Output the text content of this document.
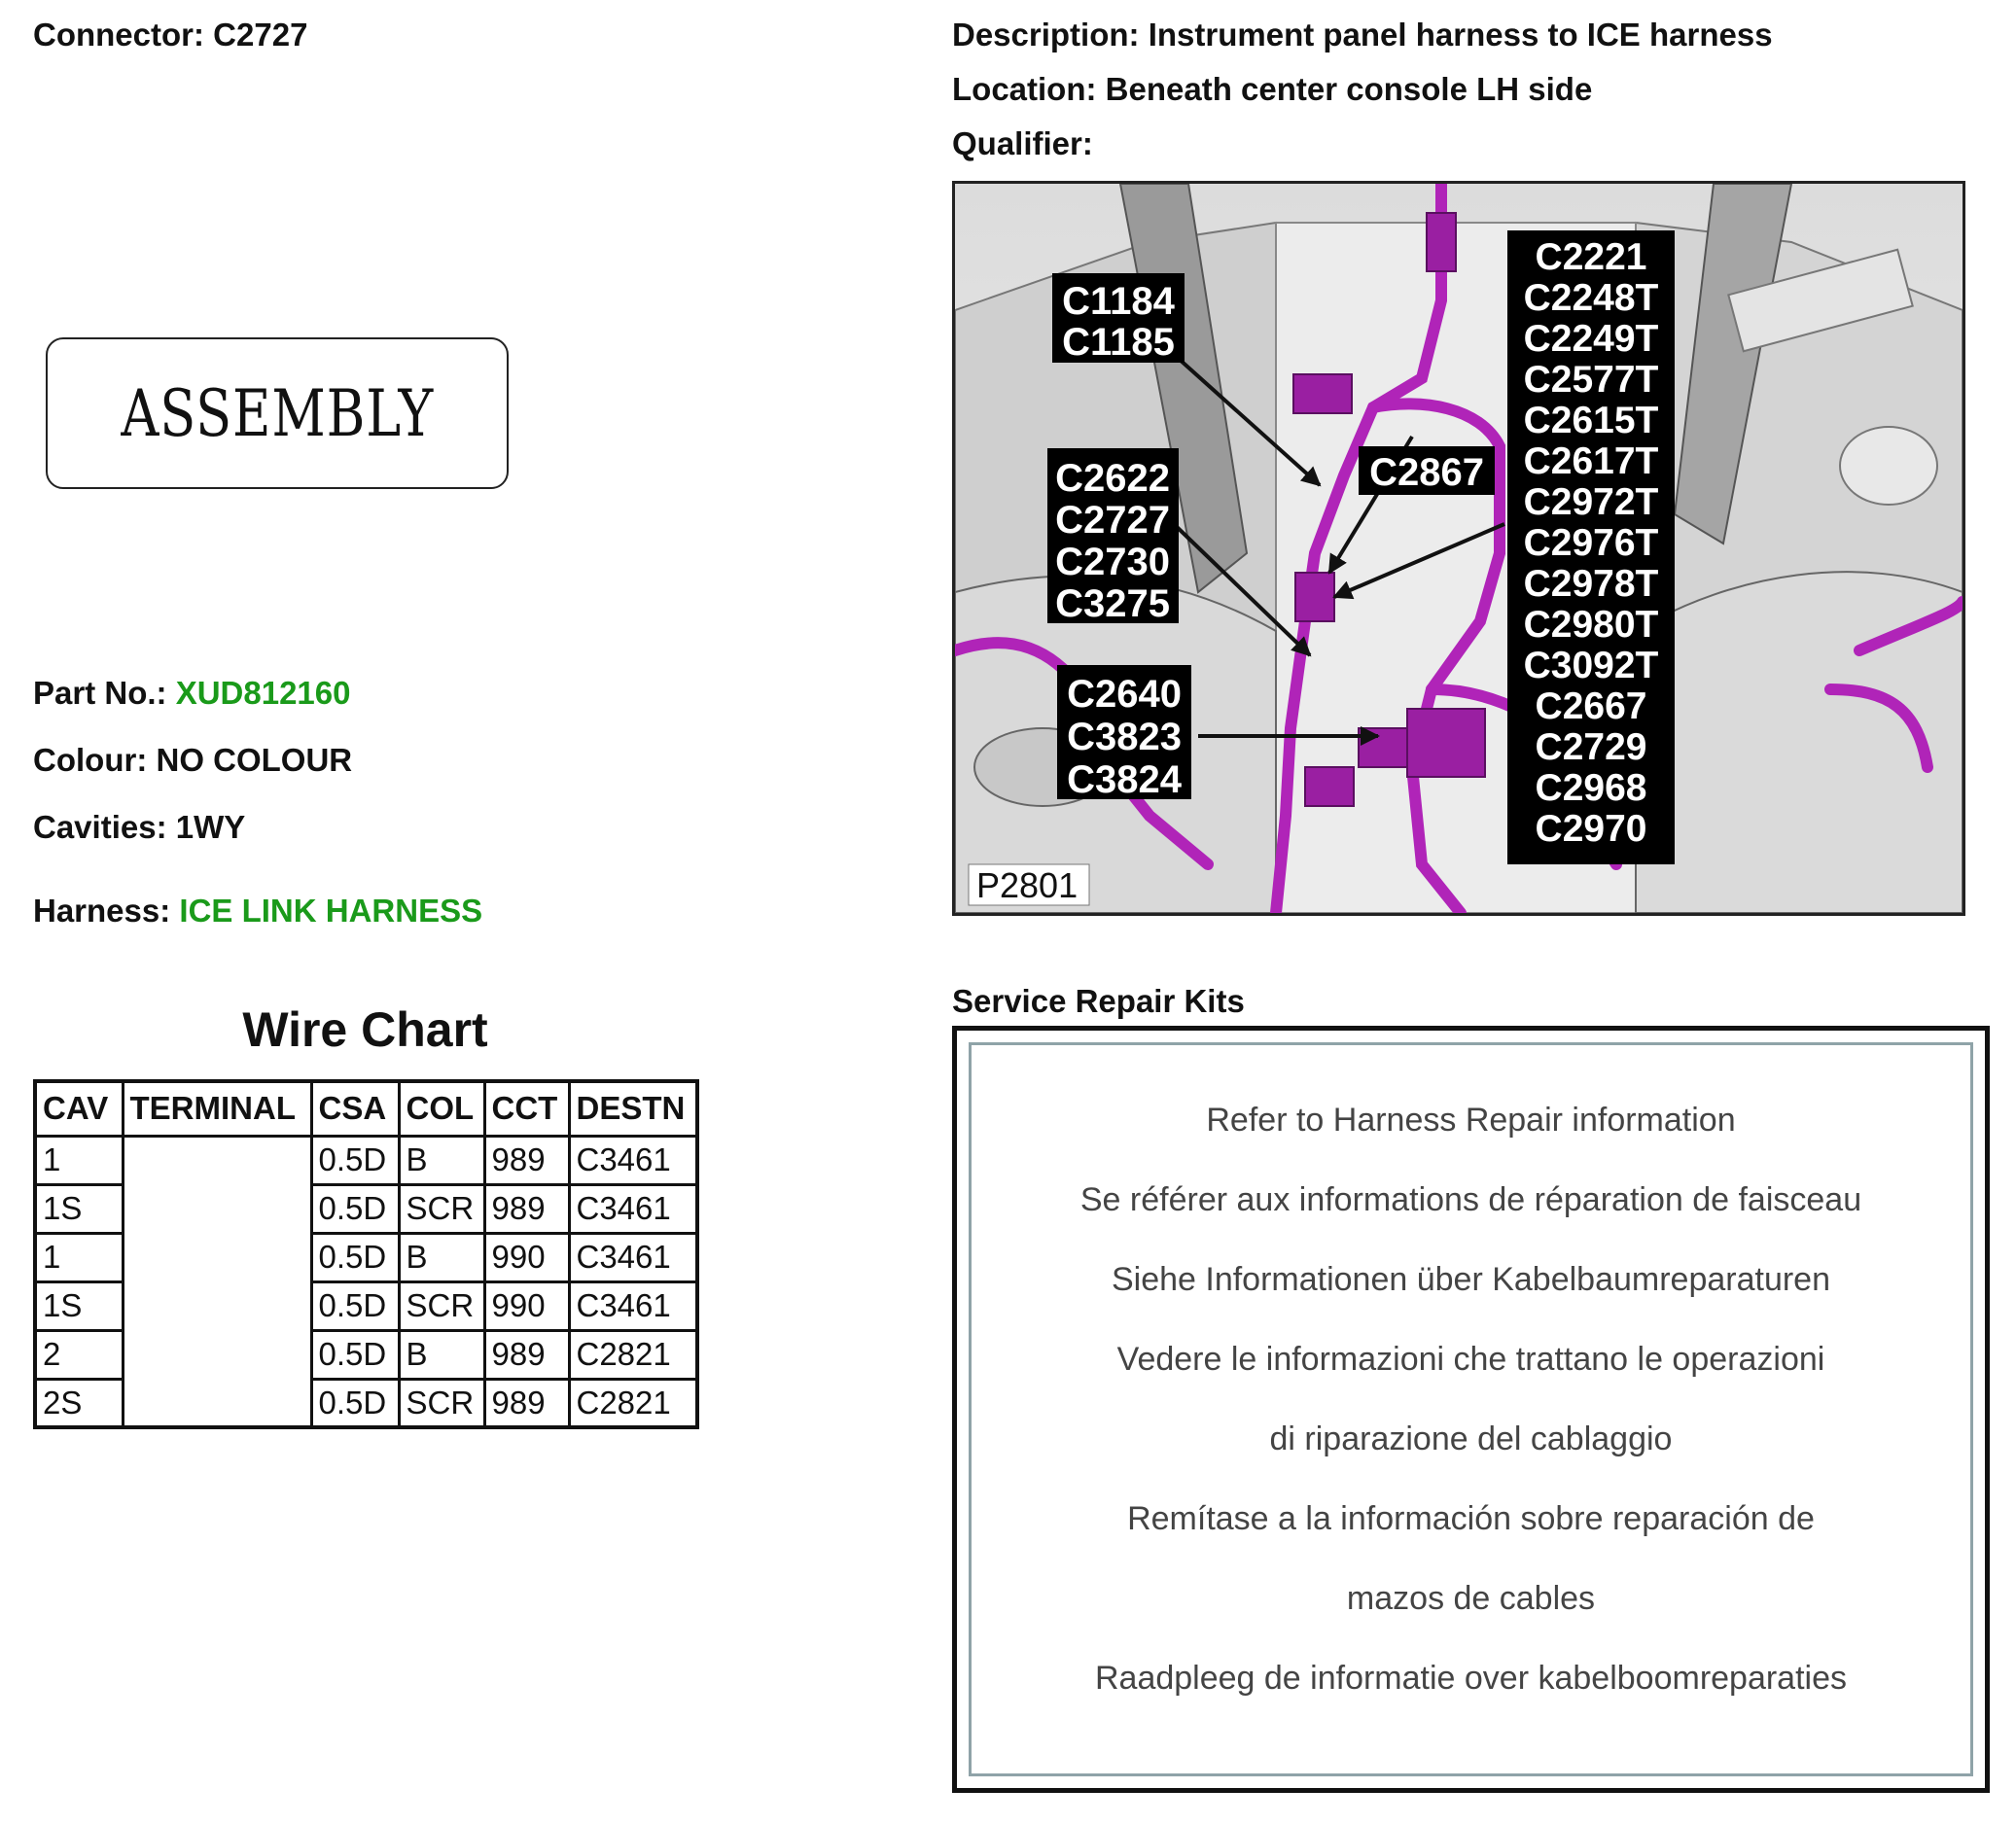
Connector: C2727	Description: Instrument panel harness to ICE harness
Location: Beneath center console LH side
Qualifier:
ASSEMBLY
Part No.: XUD812160
Colour: NO COLOUR
Cavities: 1WY
Harness: ICE LINK HARNESS
Wire Chart
CAV	TERMINAL	CSA	COL	CCT	DESTN
1		0.5D	B	989	C3461
1S		0.5D	SCR	989	C3461
1		0.5D	B	990	C3461
1S		0.5D	SCR	990	C3461
2		0.5D	B	989	C2821
2S		0.5D	SCR	989	C2821
C1184
C1185
C2622
C2727
C2730
C3275
C2640
C3823
C3824
C2867
C2221
C2248T
C2249T
C2577T
C2615T
C2617T
C2972T
C2976T
C2978T
C2980T
C3092T
C2667
C2729
C2968
C2970
P2801
Service Repair Kits
Refer to Harness Repair information
Se référer aux informations de réparation de faisceau
Siehe Informationen über Kabelbaumreparaturen
Vedere le informazioni che trattano le operazioni
di riparazione del cablaggio
Remítase a la información sobre reparación de
mazos de cables
Raadpleeg de informatie over kabelboomreparaties
